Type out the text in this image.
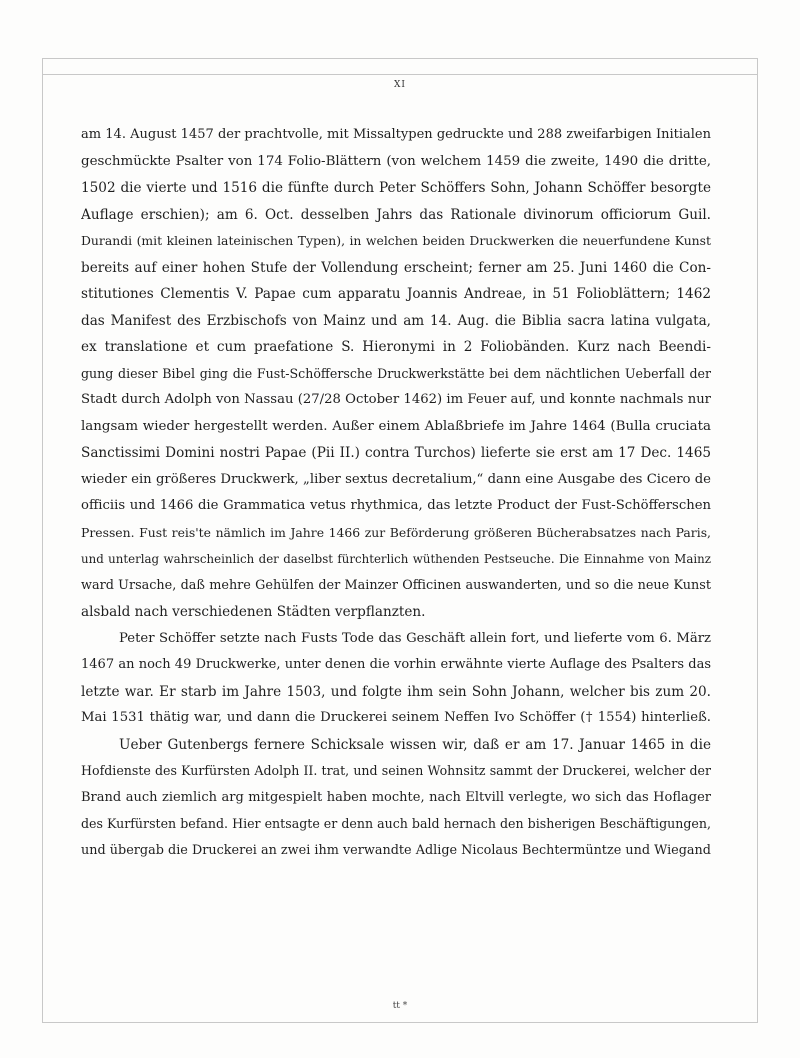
XI
am 14. August 1457 der prachtvolle, mit Missaltypen gedruckte und 288 zweifarbigen Initialen
geschmückte Psalter von 174 Folio-Blättern (von welchem 1459 die zweite, 1490 die dritte,
1502 die vierte und 1516 die fünfte durch Peter Schöffers Sohn, Johann Schöffer besorgte
Auflage erschien); am 6. Oct. desselben Jahrs das Rationale divinorum officiorum Guil.
Durandi (mit kleinen lateinischen Typen), in welchen beiden Druckwerken die neuerfundene Kunst
bereits auf einer hohen Stufe der Vollendung erscheint; ferner am 25. Juni 1460 die Con-
stitutiones Clementis V. Papae cum apparatu Joannis Andreae, in 51 Folioblättern; 1462
das Manifest des Erzbischofs von Mainz und am 14. Aug. die Biblia sacra latina vulgata,
ex translatione et cum praefatione S. Hieronymi in 2 Foliobänden. Kurz nach Beendi-
gung dieser Bibel ging die Fust-Schöffersche Druckwerkstätte bei dem nächtlichen Ueberfall der
Stadt durch Adolph von Nassau (27/28 October 1462) im Feuer auf, und konnte nachmals nur
langsam wieder hergestellt werden. Außer einem Ablaßbriefe im Jahre 1464 (Bulla cruciata
Sanctissimi Domini nostri Papae (Pii II.) contra Turchos) lieferte sie erst am 17 Dec. 1465
wieder ein größeres Druckwerk, „liber sextus decretalium,“ dann eine Ausgabe des Cicero de
officiis und 1466 die Grammatica vetus rhythmica, das letzte Product der Fust-Schöfferschen
Pressen. Fust reis'te nämlich im Jahre 1466 zur Beförderung größeren Bücherabsatzes nach Paris,
und unterlag wahrscheinlich der daselbst fürchterlich wüthenden Pestseuche. Die Einnahme von Mainz
ward Ursache, daß mehre Gehülfen der Mainzer Officinen auswanderten, und so die neue Kunst
alsbald nach verschiedenen Städten verpflanzten.
Peter Schöffer setzte nach Fusts Tode das Geschäft allein fort, und lieferte vom 6. März
1467 an noch 49 Druckwerke, unter denen die vorhin erwähnte vierte Auflage des Psalters das
letzte war. Er starb im Jahre 1503, und folgte ihm sein Sohn Johann, welcher bis zum 20.
Mai 1531 thätig war, und dann die Druckerei seinem Neffen Ivo Schöffer († 1554) hinterließ.
Ueber Gutenbergs fernere Schicksale wissen wir, daß er am 17. Januar 1465 in die
Hofdienste des Kurfürsten Adolph II. trat, und seinen Wohnsitz sammt der Druckerei, welcher der
Brand auch ziemlich arg mitgespielt haben mochte, nach Eltvill verlegte, wo sich das Hoflager
des Kurfürsten befand. Hier entsagte er denn auch bald hernach den bisherigen Beschäftigungen,
und übergab die Druckerei an zwei ihm verwandte Adlige Nicolaus Bechtermüntze und Wiegand
tt *
